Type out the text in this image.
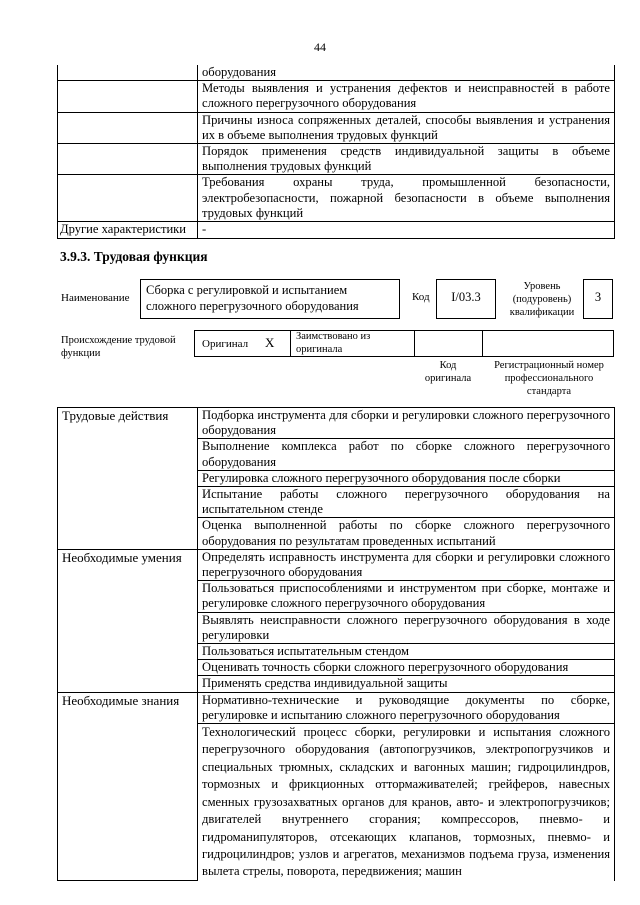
44
	оборудования
	Методы выявления и устранения дефектов и неисправностей в работе сложного перегрузочного оборудования
	Причины износа сопряженных деталей, способы выявления и устранения их в объеме выполнения трудовых функций
	Порядок применения средств индивидуальной защиты в объеме выполнения трудовых функций
	Требования охраны труда, промышленной безопасности, электробезопасности, пожарной безопасности в объеме выполнения трудовых функций
Другие характеристики	-
3.9.3. Трудовая функция
Наименование
Сборка с регулировкой и испытанием сложного перегрузочного оборудования
Код	I/03.3
Уровень (подуровень) квалификации
3
Происхождение трудовой функции
Оригинал X Заимствовано из оригинала
Код оригинала
Регистрационный номер профессионального стандарта
Трудовые действия	Подборка инструмента для сборки и регулировки сложного перегрузочного оборудования
	Выполнение комплекса работ по сборке сложного перегрузочного оборудования
	Регулировка сложного перегрузочного оборудования после сборки
	Испытание работы сложного перегрузочного оборудования на испытательном стенде
	Оценка выполненной работы по сборке сложного перегрузочного оборудования по результатам проведенных испытаний
Необходимые умения	Определять исправность инструмента для сборки и регулировки сложного перегрузочного оборудования
	Пользоваться приспособлениями и инструментом при сборке, монтаже и регулировке сложного перегрузочного оборудования
	Выявлять неисправности сложного перегрузочного оборудования в ходе регулировки
	Пользоваться испытательным стендом
	Оценивать точность сборки сложного перегрузочного оборудования
	Применять средства индивидуальной защиты
Необходимые знания	Нормативно-технические и руководящие документы по сборке, регулировке и испытанию сложного перегрузочного оборудования
	Технологический процесс сборки, регулировки и испытания сложного перегрузочного оборудования (автопогрузчиков, электропогрузчиков и специальных трюмных, складских и вагонных машин; гидроцилиндров, тормозных и фрикционных оттормаживателей; грейферов, навесных сменных грузозахватных органов для кранов, авто- и электропогрузчиков; двигателей внутреннего сгорания; компрессоров, пневмо- и гидроманипуляторов, отсекающих клапанов, тормозных, пневмо- и гидроцилиндров; узлов и агрегатов, механизмов подъема груза, изменения вылета стрелы, поворота, передвижения; машин
